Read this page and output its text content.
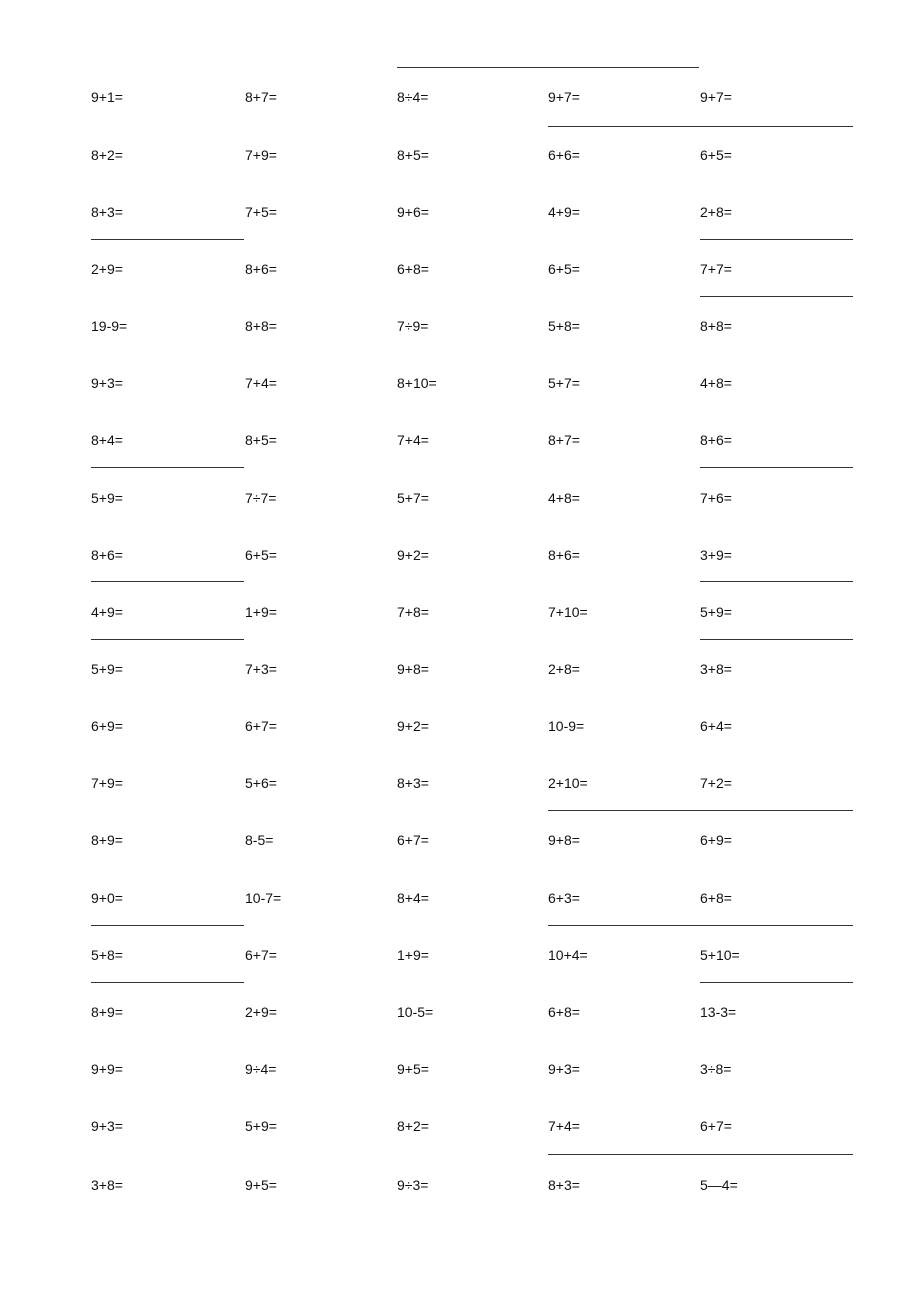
9+1=	8+7=	8÷4=	9+7=	9+7=
8+2=	7+9=	8+5=	6+6=	6+5=
8+3=	7+5=	9+6=	4+9=	2+8=
2+9=	8+6=	6+8=	6+5=	7+7=
19-9=	8+8=	7÷9=	5+8=	8+8=
9+3=	7+4=	8+10=	5+7=	4+8=
8+4=	8+5=	7+4=	8+7=	8+6=
5+9=	7÷7=	5+7=	4+8=	7+6=
8+6=	6+5=	9+2=	8+6=	3+9=
4+9=	1+9=	7+8=	7+10=	5+9=
5+9=	7+3=	9+8=	2+8=	3+8=
6+9=	6+7=	9+2=	10-9=	6+4=
7+9=	5+6=	8+3=	2+10=	7+2=
8+9=	8-5=	6+7=	9+8=	6+9=
9+0=	10-7=	8+4=	6+3=	6+8=
5+8=	6+7=	1+9=	10+4=	5+10=
8+9=	2+9=	10-5=	6+8=	13-3=
9+9=	9÷4=	9+5=	9+3=	3÷8=
9+3=	5+9=	8+2=	7+4=	6+7=
3+8=	9+5=	9÷3=	8+3=	5—4=
